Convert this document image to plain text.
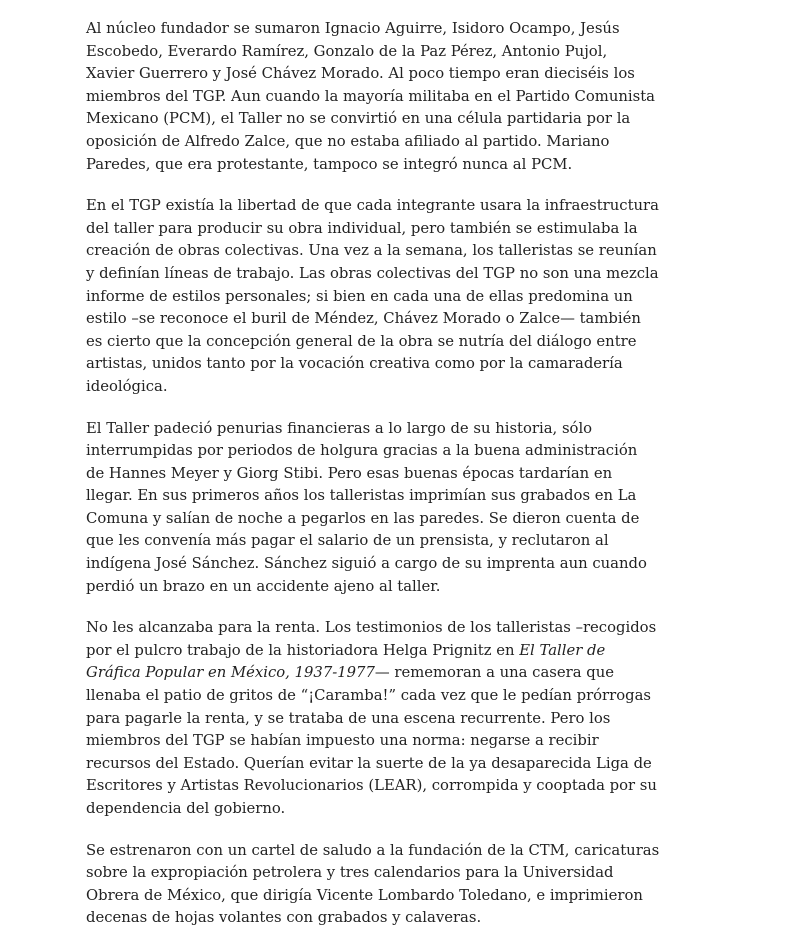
Al núcleo fundador se sumaron Ignacio Aguirre, Isidoro Ocampo, Jesús Escobedo, Everardo Ramírez, Gonzalo de la Paz Pérez, Antonio Pujol, Xavier Guerrero y José Chávez Morado. Al poco tiempo eran dieciséis los miembros del TGP. Aun cuando la mayoría militaba en el Partido Comunista Mexicano (PCM), el Taller no se convirtió en una célula partidaria por la oposición de Alfredo Zalce, que no estaba afiliado al partido. Mariano Paredes, que era protestante, tampoco se integró nunca al PCM.

En el TGP existía la libertad de que cada integrante usara la infraestructura del taller para producir su obra individual, pero también se estimulaba la creación de obras colectivas. Una vez a la semana, los talleristas se reunían y definían líneas de trabajo. Las obras colectivas del TGP no son una mezcla informe de estilos personales; si bien en cada una de ellas predomina un estilo –se reconoce el buril de Méndez, Chávez Morado o Zalce— también es cierto que la concepción general de la obra se nutría del diálogo entre artistas, unidos tanto por la vocación creativa como por la camaradería ideológica.

El Taller padeció penurias financieras a lo largo de su historia, sólo interrumpidas por periodos de holgura gracias a la buena administración de Hannes Meyer y Giorg Stibi. Pero esas buenas épocas tardarían en llegar. En sus primeros años los talleristas imprimían sus grabados en La Comuna y salían de noche a pegarlos en las paredes. Se dieron cuenta de que les convenía más pagar el salario de un prensista, y reclutaron al indígena José Sánchez. Sánchez siguió a cargo de su imprenta aun cuando perdió un brazo en un accidente ajeno al taller.

No les alcanzaba para la renta. Los testimonios de los talleristas –recogidos por el pulcro trabajo de la historiadora Helga Prignitz en El Taller de Gráfica Popular en México, 1937-1977— rememoran a una casera que llenaba el patio de gritos de “¡Caramba!” cada vez que le pedían prórrogas para pagarle la renta, y se trataba de una escena recurrente. Pero los miembros del TGP se habían impuesto una norma: negarse a recibir recursos del Estado. Querían evitar la suerte de la ya desaparecida Liga de Escritores y Artistas Revolucionarios (LEAR), corrompida y cooptada por su dependencia del gobierno.

Se estrenaron con un cartel de saludo a la fundación de la CTM, caricaturas sobre la expropiación petrolera y tres calendarios para la Universidad Obrera de México, que dirigía Vicente Lombardo Toledano, e imprimieron decenas de hojas volantes con grabados y calaveras.
